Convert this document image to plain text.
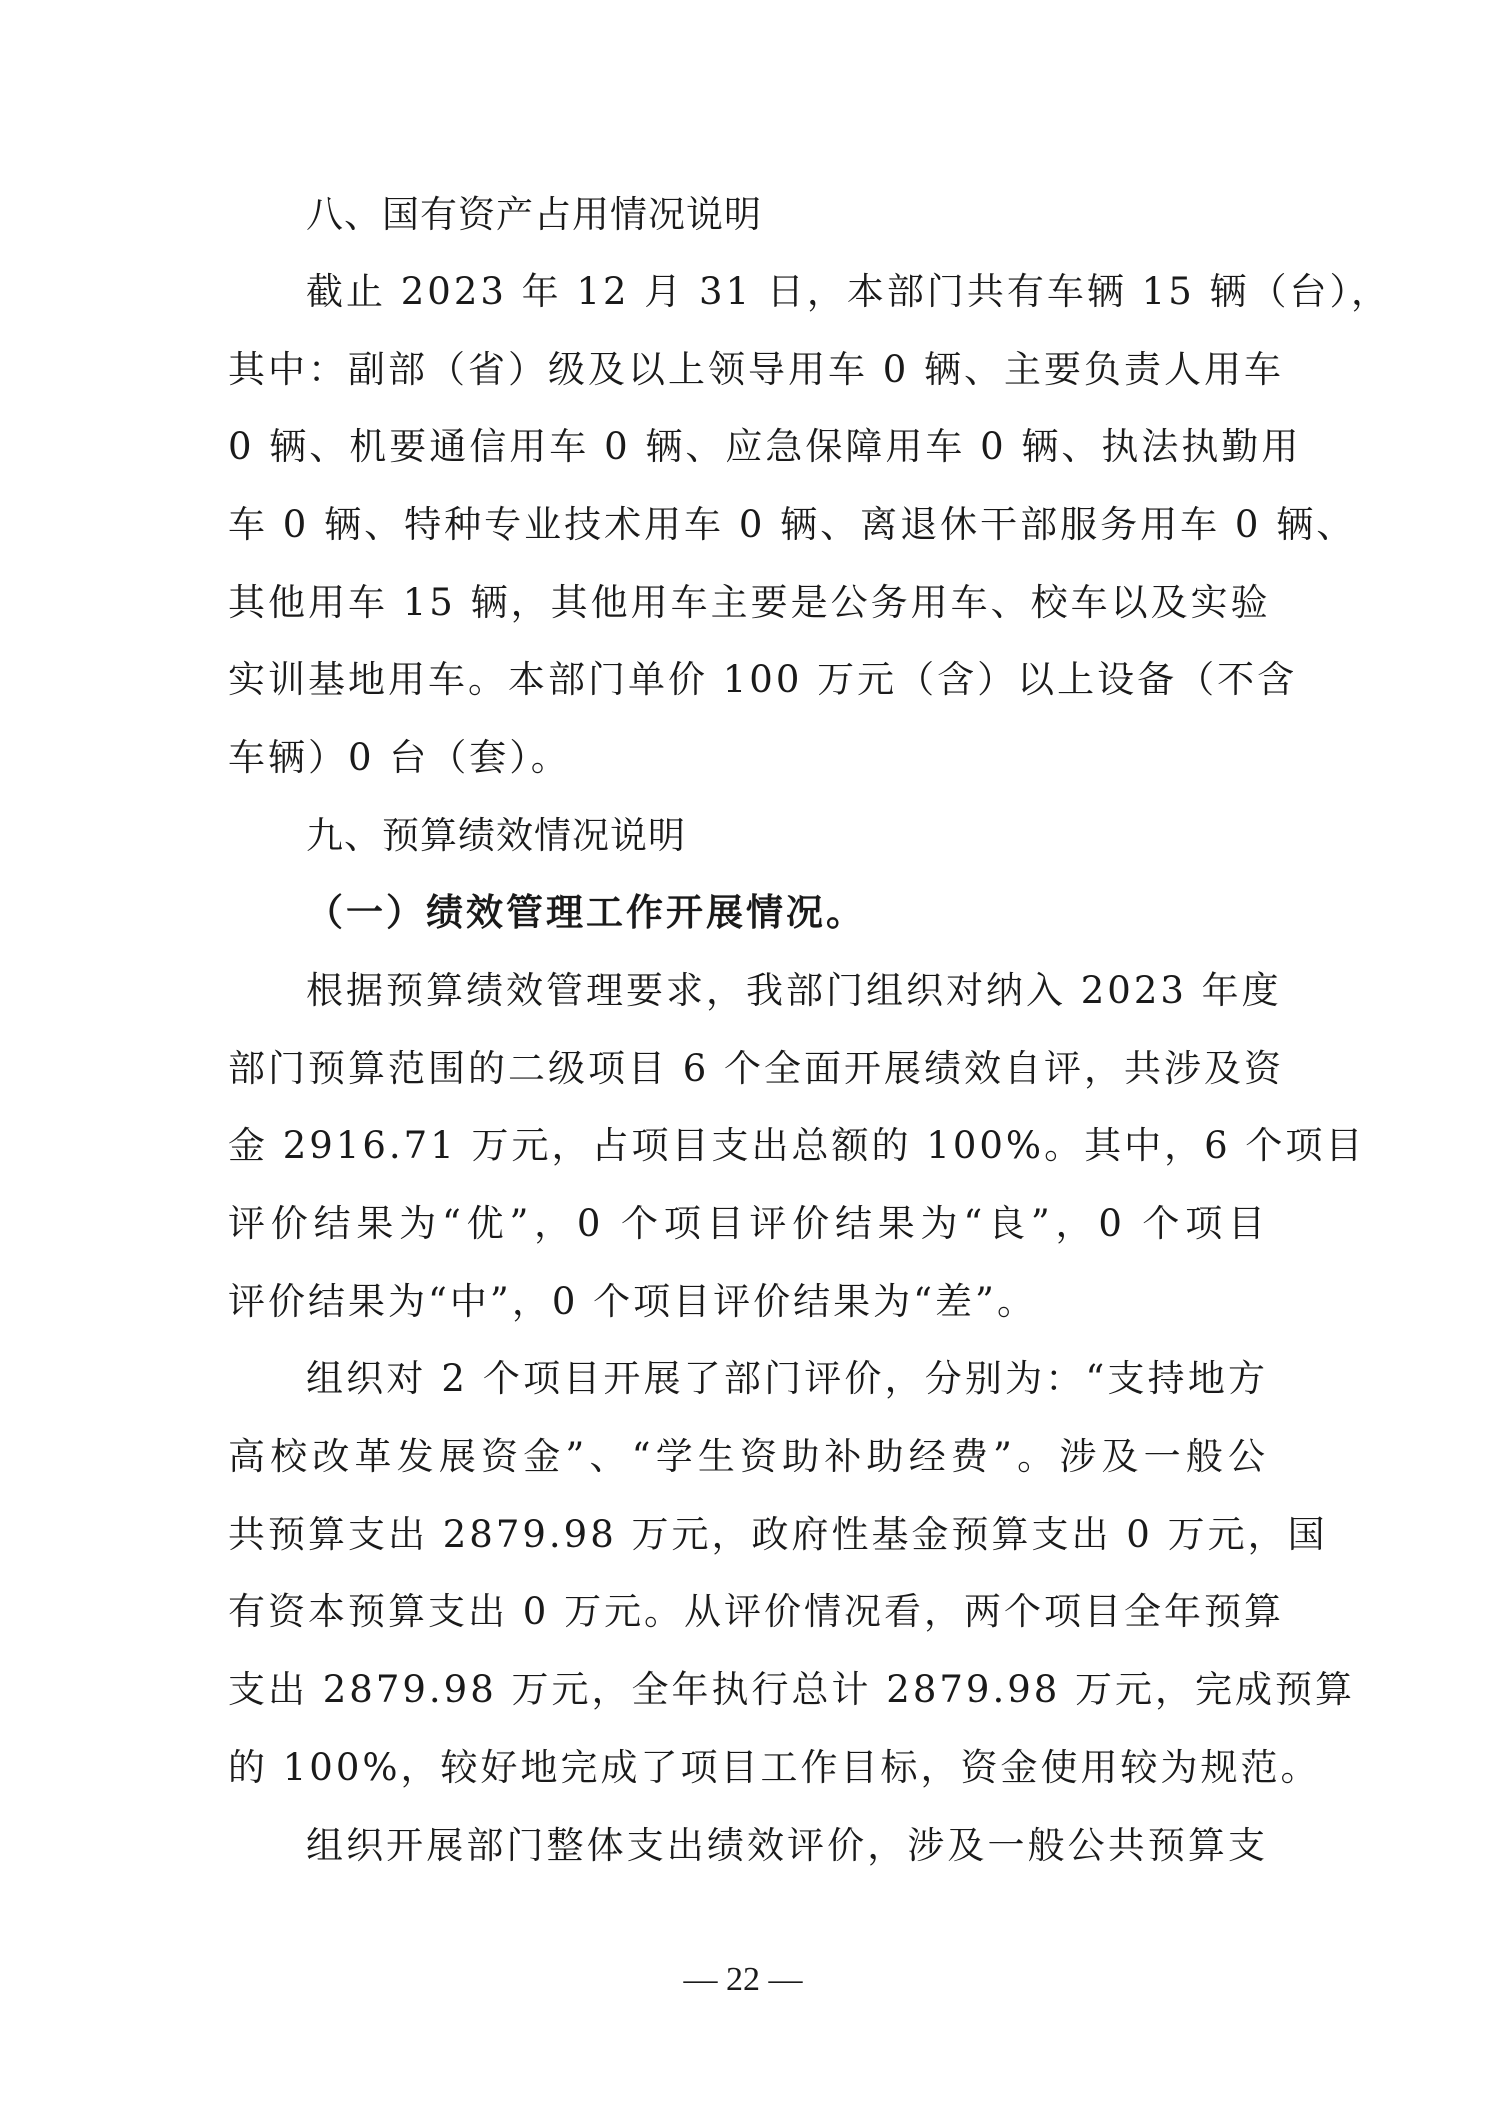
八、国有资产占用情况说明
截止 2023 年 12 月 31 日，本部门共有车辆 15 辆（台），
其中：副部（省）级及以上领导用车 0 辆、主要负责人用车
0 辆、机要通信用车 0 辆、应急保障用车 0 辆、执法执勤用
车 0 辆、特种专业技术用车 0 辆、离退休干部服务用车 0 辆、
其他用车 15 辆，其他用车主要是公务用车、校车以及实验
实训基地用车。本部门单价 100 万元（含）以上设备（不含
车辆）0 台（套）。
九、预算绩效情况说明
（一）绩效管理工作开展情况。
根据预算绩效管理要求，我部门组织对纳入 2023 年度
部门预算范围的二级项目 6 个全面开展绩效自评，共涉及资
金 2916.71 万元，占项目支出总额的 100%。其中，6 个项目
评价结果为“优”，0 个项目评价结果为“良”，0 个项目
评价结果为“中”，0 个项目评价结果为“差”。
组织对 2 个项目开展了部门评价，分别为：“支持地方
高校改革发展资金”、“学生资助补助经费”。涉及一般公
共预算支出 2879.98 万元，政府性基金预算支出 0 万元，国
有资本预算支出 0 万元。从评价情况看，两个项目全年预算
支出 2879.98 万元，全年执行总计 2879.98 万元，完成预算
的 100%，较好地完成了项目工作目标，资金使用较为规范。
组织开展部门整体支出绩效评价，涉及一般公共预算支
— 22 —
